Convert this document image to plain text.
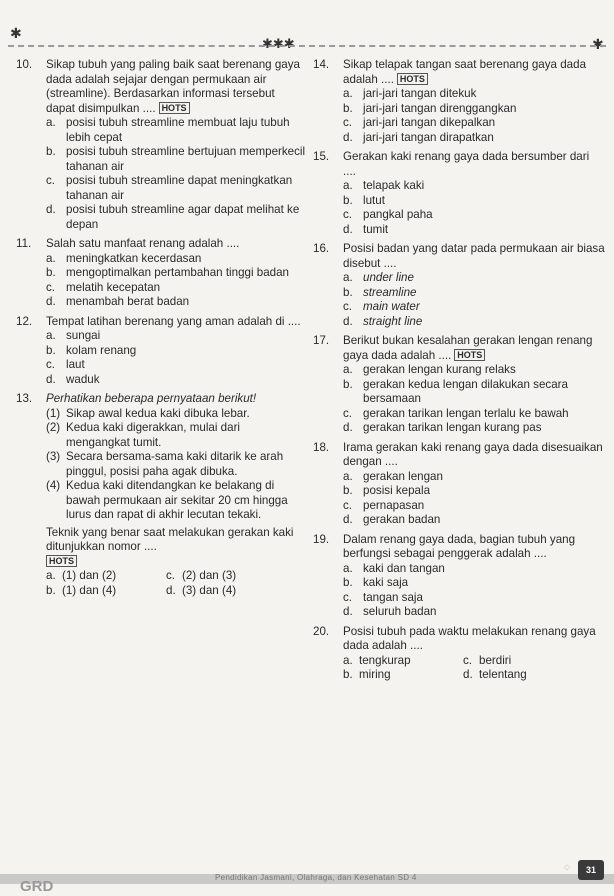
✱
✱✱✱	✱
10. Sikap tubuh yang paling baik saat berenang gaya dada adalah sejajar dengan permukaan air (streamline). Berdasarkan informasi tersebut dapat disimpulkan .... HOTS
a. posisi tubuh streamline membuat laju tubuh lebih cepat
b. posisi tubuh streamline bertujuan memperkecil tahanan air
c. posisi tubuh streamline dapat meningkatkan tahanan air
d. posisi tubuh streamline agar dapat melihat ke depan
11. Salah satu manfaat renang adalah ....
a. meningkatkan kecerdasan
b. mengoptimalkan pertambahan tinggi badan
c. melatih kecepatan
d. menambah berat badan
12. Tempat latihan berenang yang aman adalah di ....
a. sungai
b. kolam renang
c. laut
d. waduk
13. Perhatikan beberapa pernyataan berikut!
(1) Sikap awal kedua kaki dibuka lebar.
(2) Kedua kaki digerakkan, mulai dari mengangkat tumit.
(3) Secara bersama-sama kaki ditarik ke arah pinggul, posisi paha agak dibuka.
(4) Kedua kaki ditendangkan ke belakang di bawah permukaan air sekitar 20 cm hingga lurus dan rapat di akhir lecutan tekaki.
Teknik yang benar saat melakukan gerakan kaki ditunjukkan nomor ....
HOTS
a. (1) dan (2)	c. (2) dan (3)
b. (1) dan (4)	d. (3) dan (4)
14. Sikap telapak tangan saat berenang gaya dada adalah .... HOTS
a. jari-jari tangan ditekuk
b. jari-jari tangan direnggangkan
c. jari-jari tangan dikepalkan
d. jari-jari tangan dirapatkan
15. Gerakan kaki renang gaya dada bersumber dari ....
a. telapak kaki
b. lutut
c. pangkal paha
d. tumit
16. Posisi badan yang datar pada permukaan air biasa disebut ....
a. under line
b. streamline
c. main water
d. straight line
17. Berikut bukan kesalahan gerakan lengan renang gaya dada adalah .... HOTS
a. gerakan lengan kurang relaks
b. gerakan kedua lengan dilakukan secara bersamaan
c. gerakan tarikan lengan terlalu ke bawah
d. gerakan tarikan lengan kurang pas
18. Irama gerakan kaki renang gaya dada disesuaikan dengan ....
a. gerakan lengan
b. posisi kepala
c. pernapasan
d. gerakan badan
19. Dalam renang gaya dada, bagian tubuh yang berfungsi sebagai penggerak adalah ....
a. kaki dan tangan
b. kaki saja
c. tangan saja
d. seluruh badan
20. Posisi tubuh pada waktu melakukan renang gaya dada adalah ....
a. tengkurap	c. berdiri
b. miring	d. telentang
GRD
Pendidikan Jasmani, Olahraga, dan Kesehatan SD 4
◌	31
